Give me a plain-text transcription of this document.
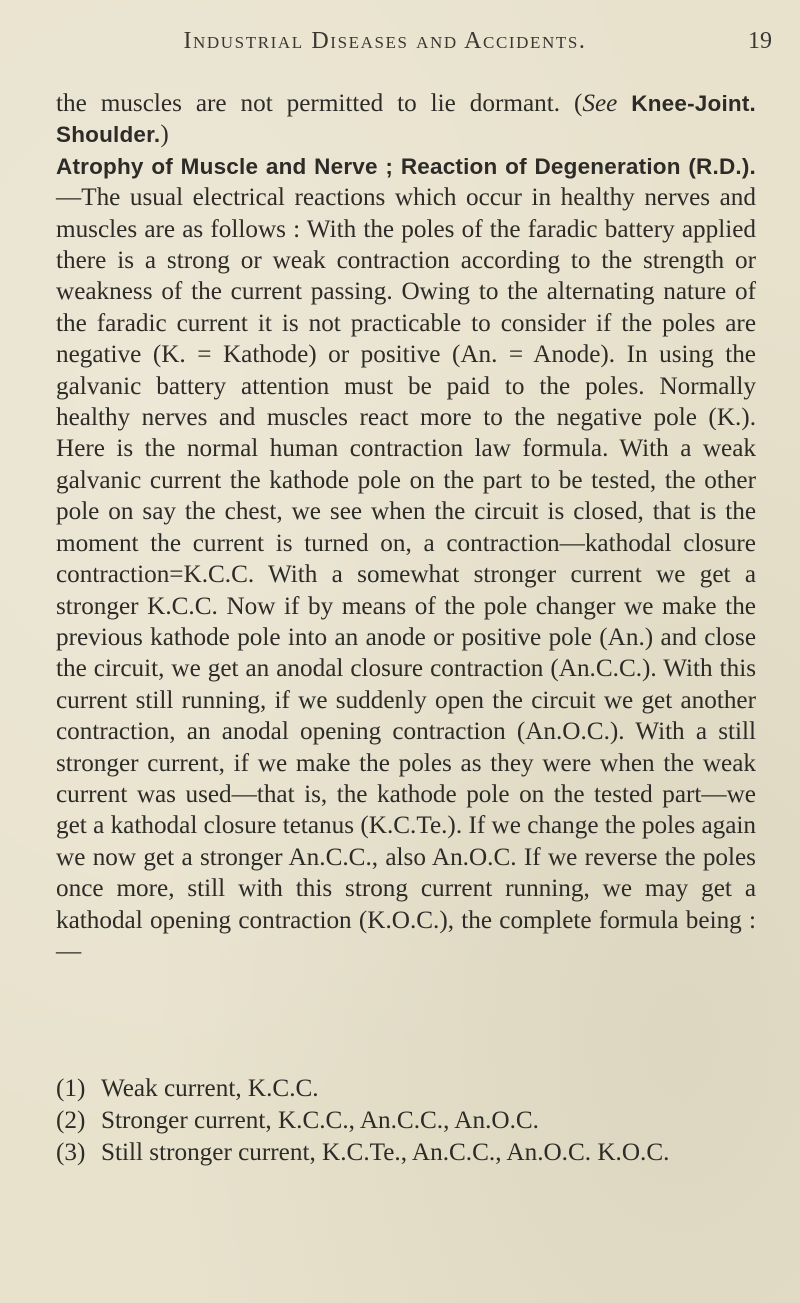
Industrial Diseases and Accidents.	19

the muscles are not permitted to lie dormant. (See Knee-Joint. Shoulder.)

Atrophy of Muscle and Nerve ; Reaction of Degeneration (R.D.).—The usual electrical reactions which occur in healthy nerves and muscles are as follows : With the poles of the faradic battery applied there is a strong or weak contraction according to the strength or weakness of the current passing. Owing to the alternating nature of the faradic current it is not practicable to consider if the poles are negative (K. = Kathode) or positive (An. = Anode). In using the galvanic battery attention must be paid to the poles. Normally healthy nerves and muscles react more to the negative pole (K.). Here is the normal human contraction law formula. With a weak galvanic current the kathode pole on the part to be tested, the other pole on say the chest, we see when the circuit is closed, that is the moment the current is turned on, a contraction—kathodal closure contraction=K.C.C. With a somewhat stronger current we get a stronger K.C.C. Now if by means of the pole changer we make the previous kathode pole into an anode or positive pole (An.) and close the circuit, we get an anodal closure contraction (An.C.C.). With this current still running, if we suddenly open the circuit we get another contraction, an anodal opening contraction (An.O.C.). With a still stronger current, if we make the poles as they were when the weak current was used—that is, the kathode pole on the tested part—we get a kathodal closure tetanus (K.C.Te.). If we change the poles again we now get a stronger An.C.C., also An.O.C. If we reverse the poles once more, still with this strong current running, we may get a kathodal opening contraction (K.O.C.), the complete formula being :—

(1) Weak current, K.C.C.
(2) Stronger current, K.C.C., An.C.C., An.O.C.
(3) Still stronger current, K.C.Te., An.C.C., An.O.C. K.O.C.
